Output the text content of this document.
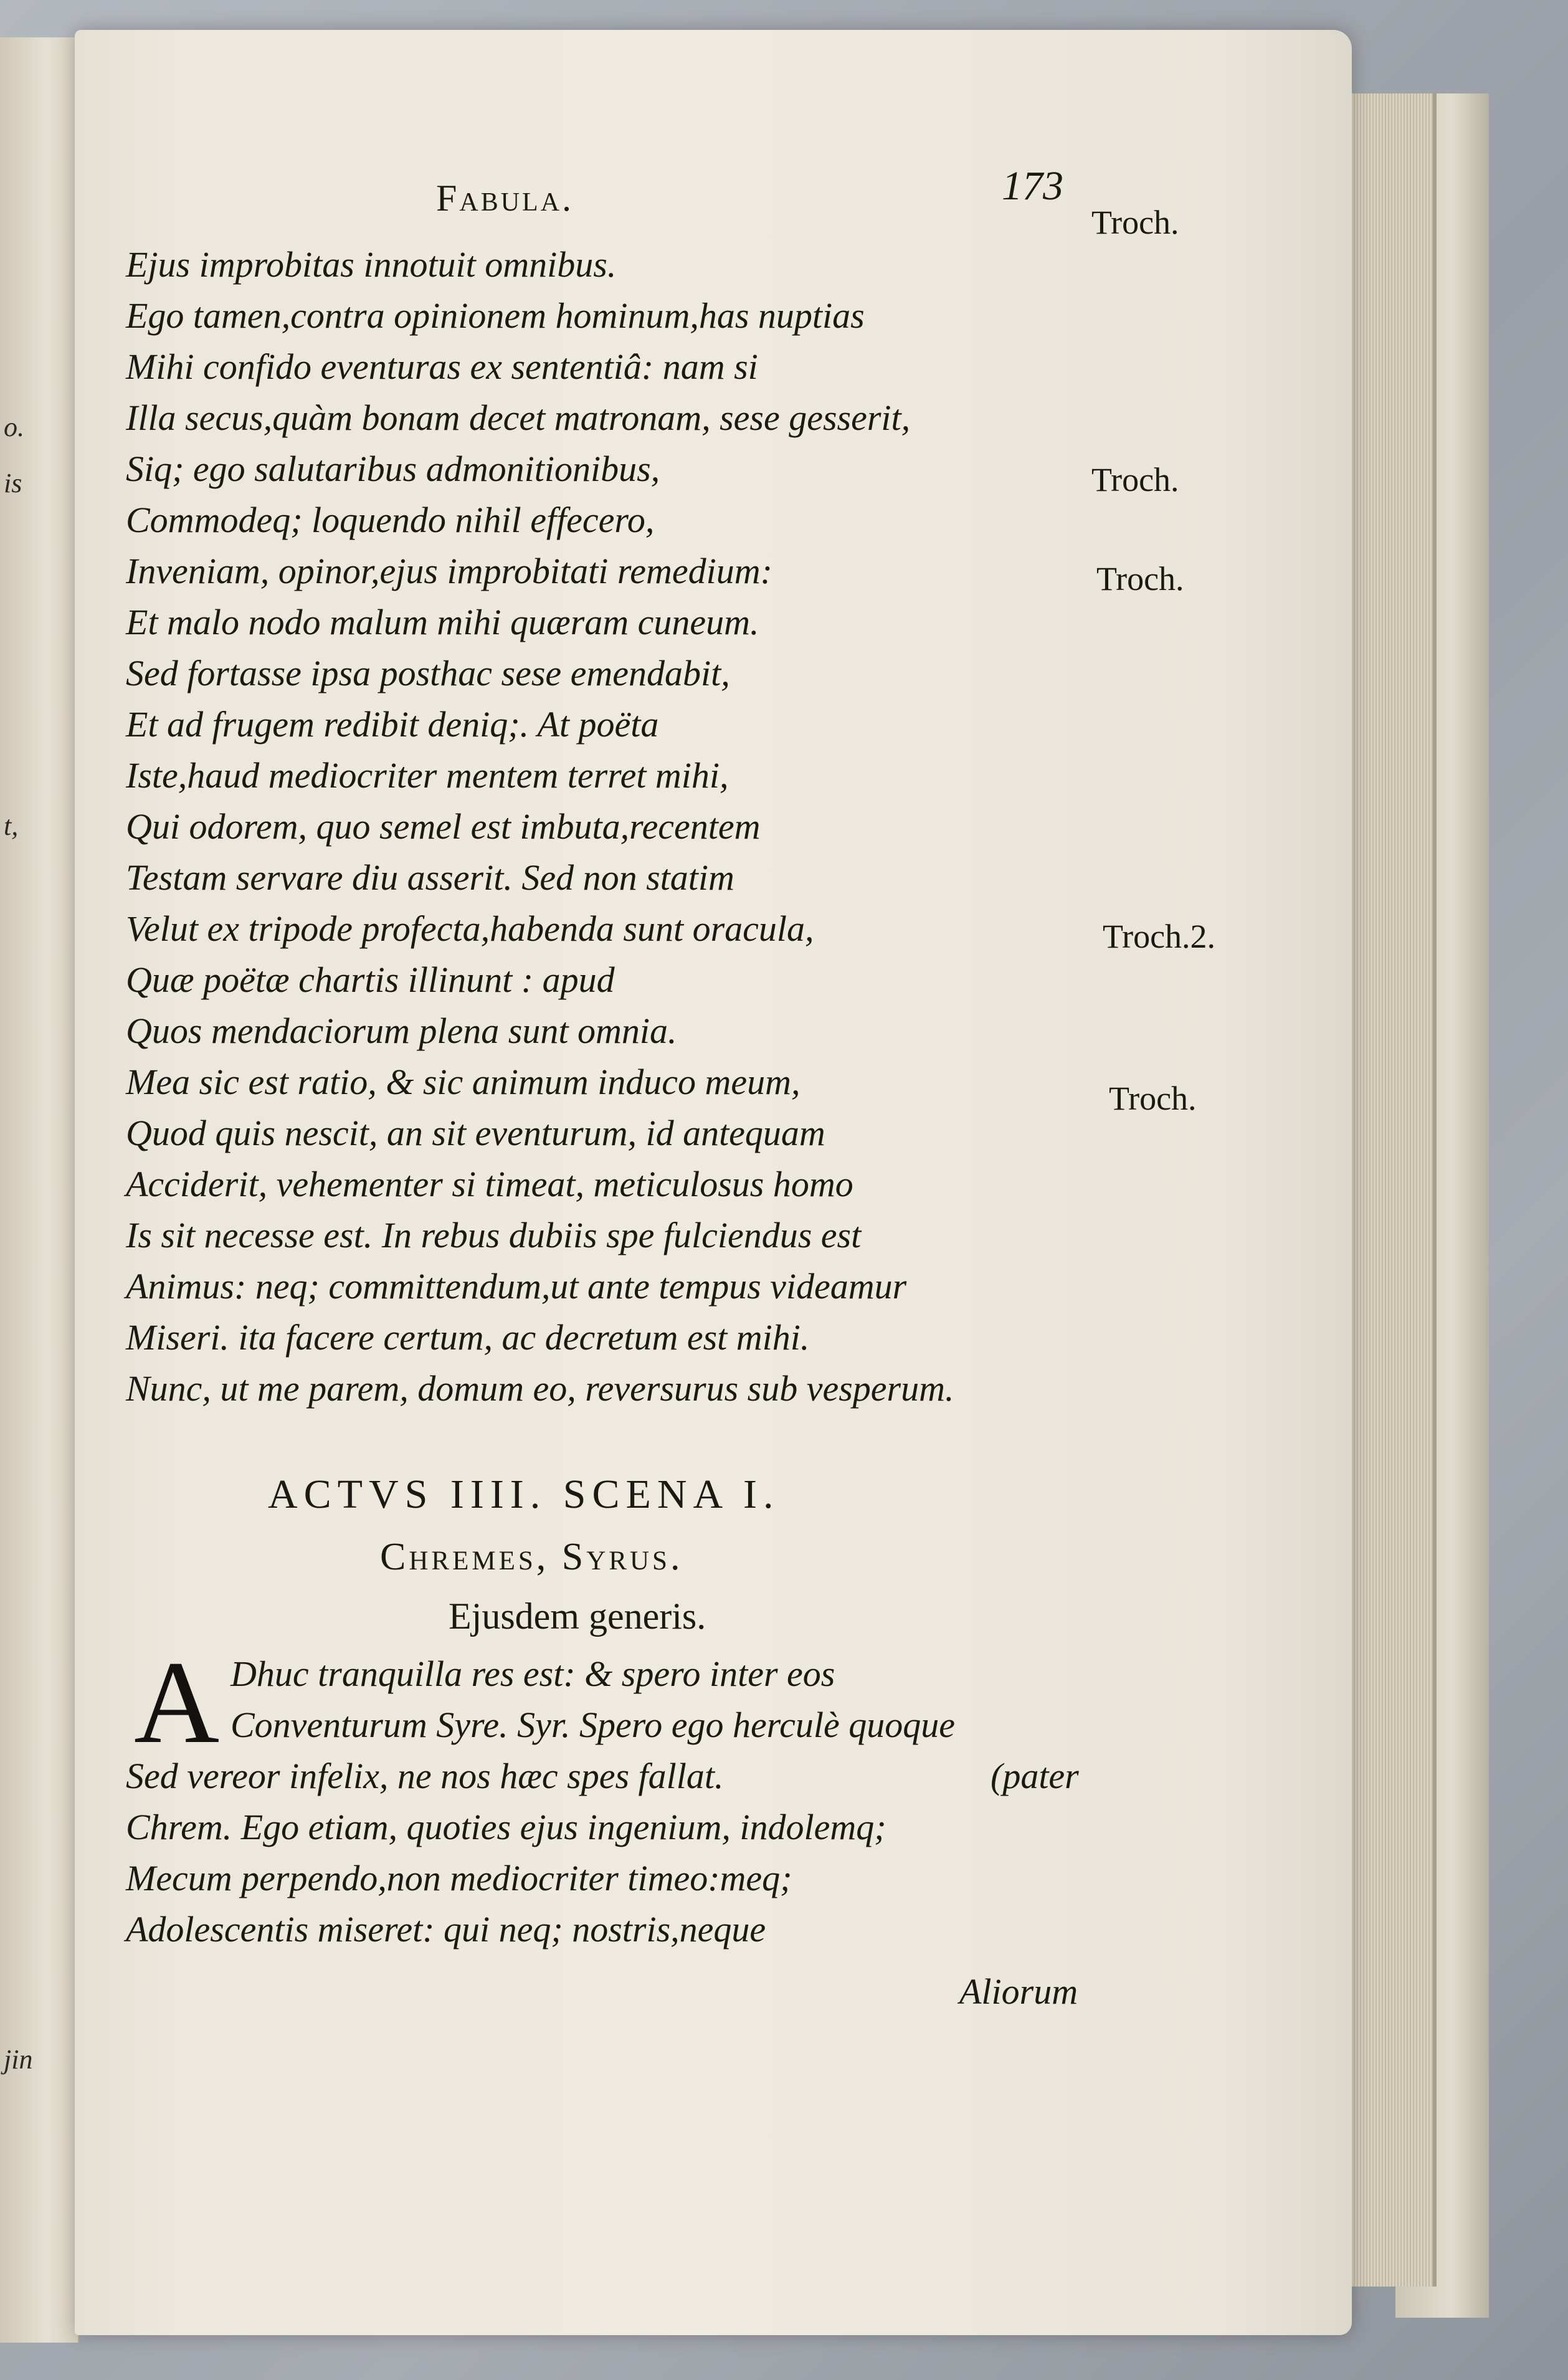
o.
is
t,
jin
Fabula.	173
Troch.
Troch.
Troch.
Troch.2.
Troch.
Ejus improbitas innotuit omnibus.
Ego tamen,contra opinionem hominum,has nuptias
Mihi confido eventuras ex sententiâ: nam si
Illa secus,quàm bonam decet matronam, sese gesserit,
Siq; ego salutaribus admonitionibus,
Commodeq; loquendo nihil effecero,
Inveniam, opinor,ejus improbitati remedium:
Et malo nodo malum mihi quæram cuneum.
Sed fortasse ipsa posthac sese emendabit,
Et ad frugem redibit deniq;. At poëta
Iste,haud mediocriter mentem terret mihi,
Qui odorem, quo semel est imbuta,recentem
Testam servare diu asserit. Sed non statim
Velut ex tripode profecta,habenda sunt oracula,
Quæ poëtæ chartis illinunt : apud
Quos mendaciorum plena sunt omnia.
Mea sic est ratio, & sic animum induco meum,
Quod quis nescit, an sit eventurum, id antequam
Acciderit, vehementer si timeat, meticulosus homo
Is sit necesse est. In rebus dubiis spe fulciendus est
Animus: neq; committendum,ut ante tempus videamur
Miseri. ita facere certum, ac decretum est mihi.
Nunc, ut me parem, domum eo, reversurus sub vesperum.
ACTVS IIII. SCENA I.
Chremes, Syrus.
Ejusdem generis.
A Dhuc tranquilla res est: & spero inter eos
Conventurum Syre. Syr. Spero ego herculè quoque
Sed vereor infelix, ne nos hæc spes fallat.	(pater
Chrem. Ego etiam, quoties ejus ingenium, indolemq;
Mecum perpendo,non mediocriter timeo:meq;
Adolescentis miseret: qui neq; nostris,neque
Aliorum
